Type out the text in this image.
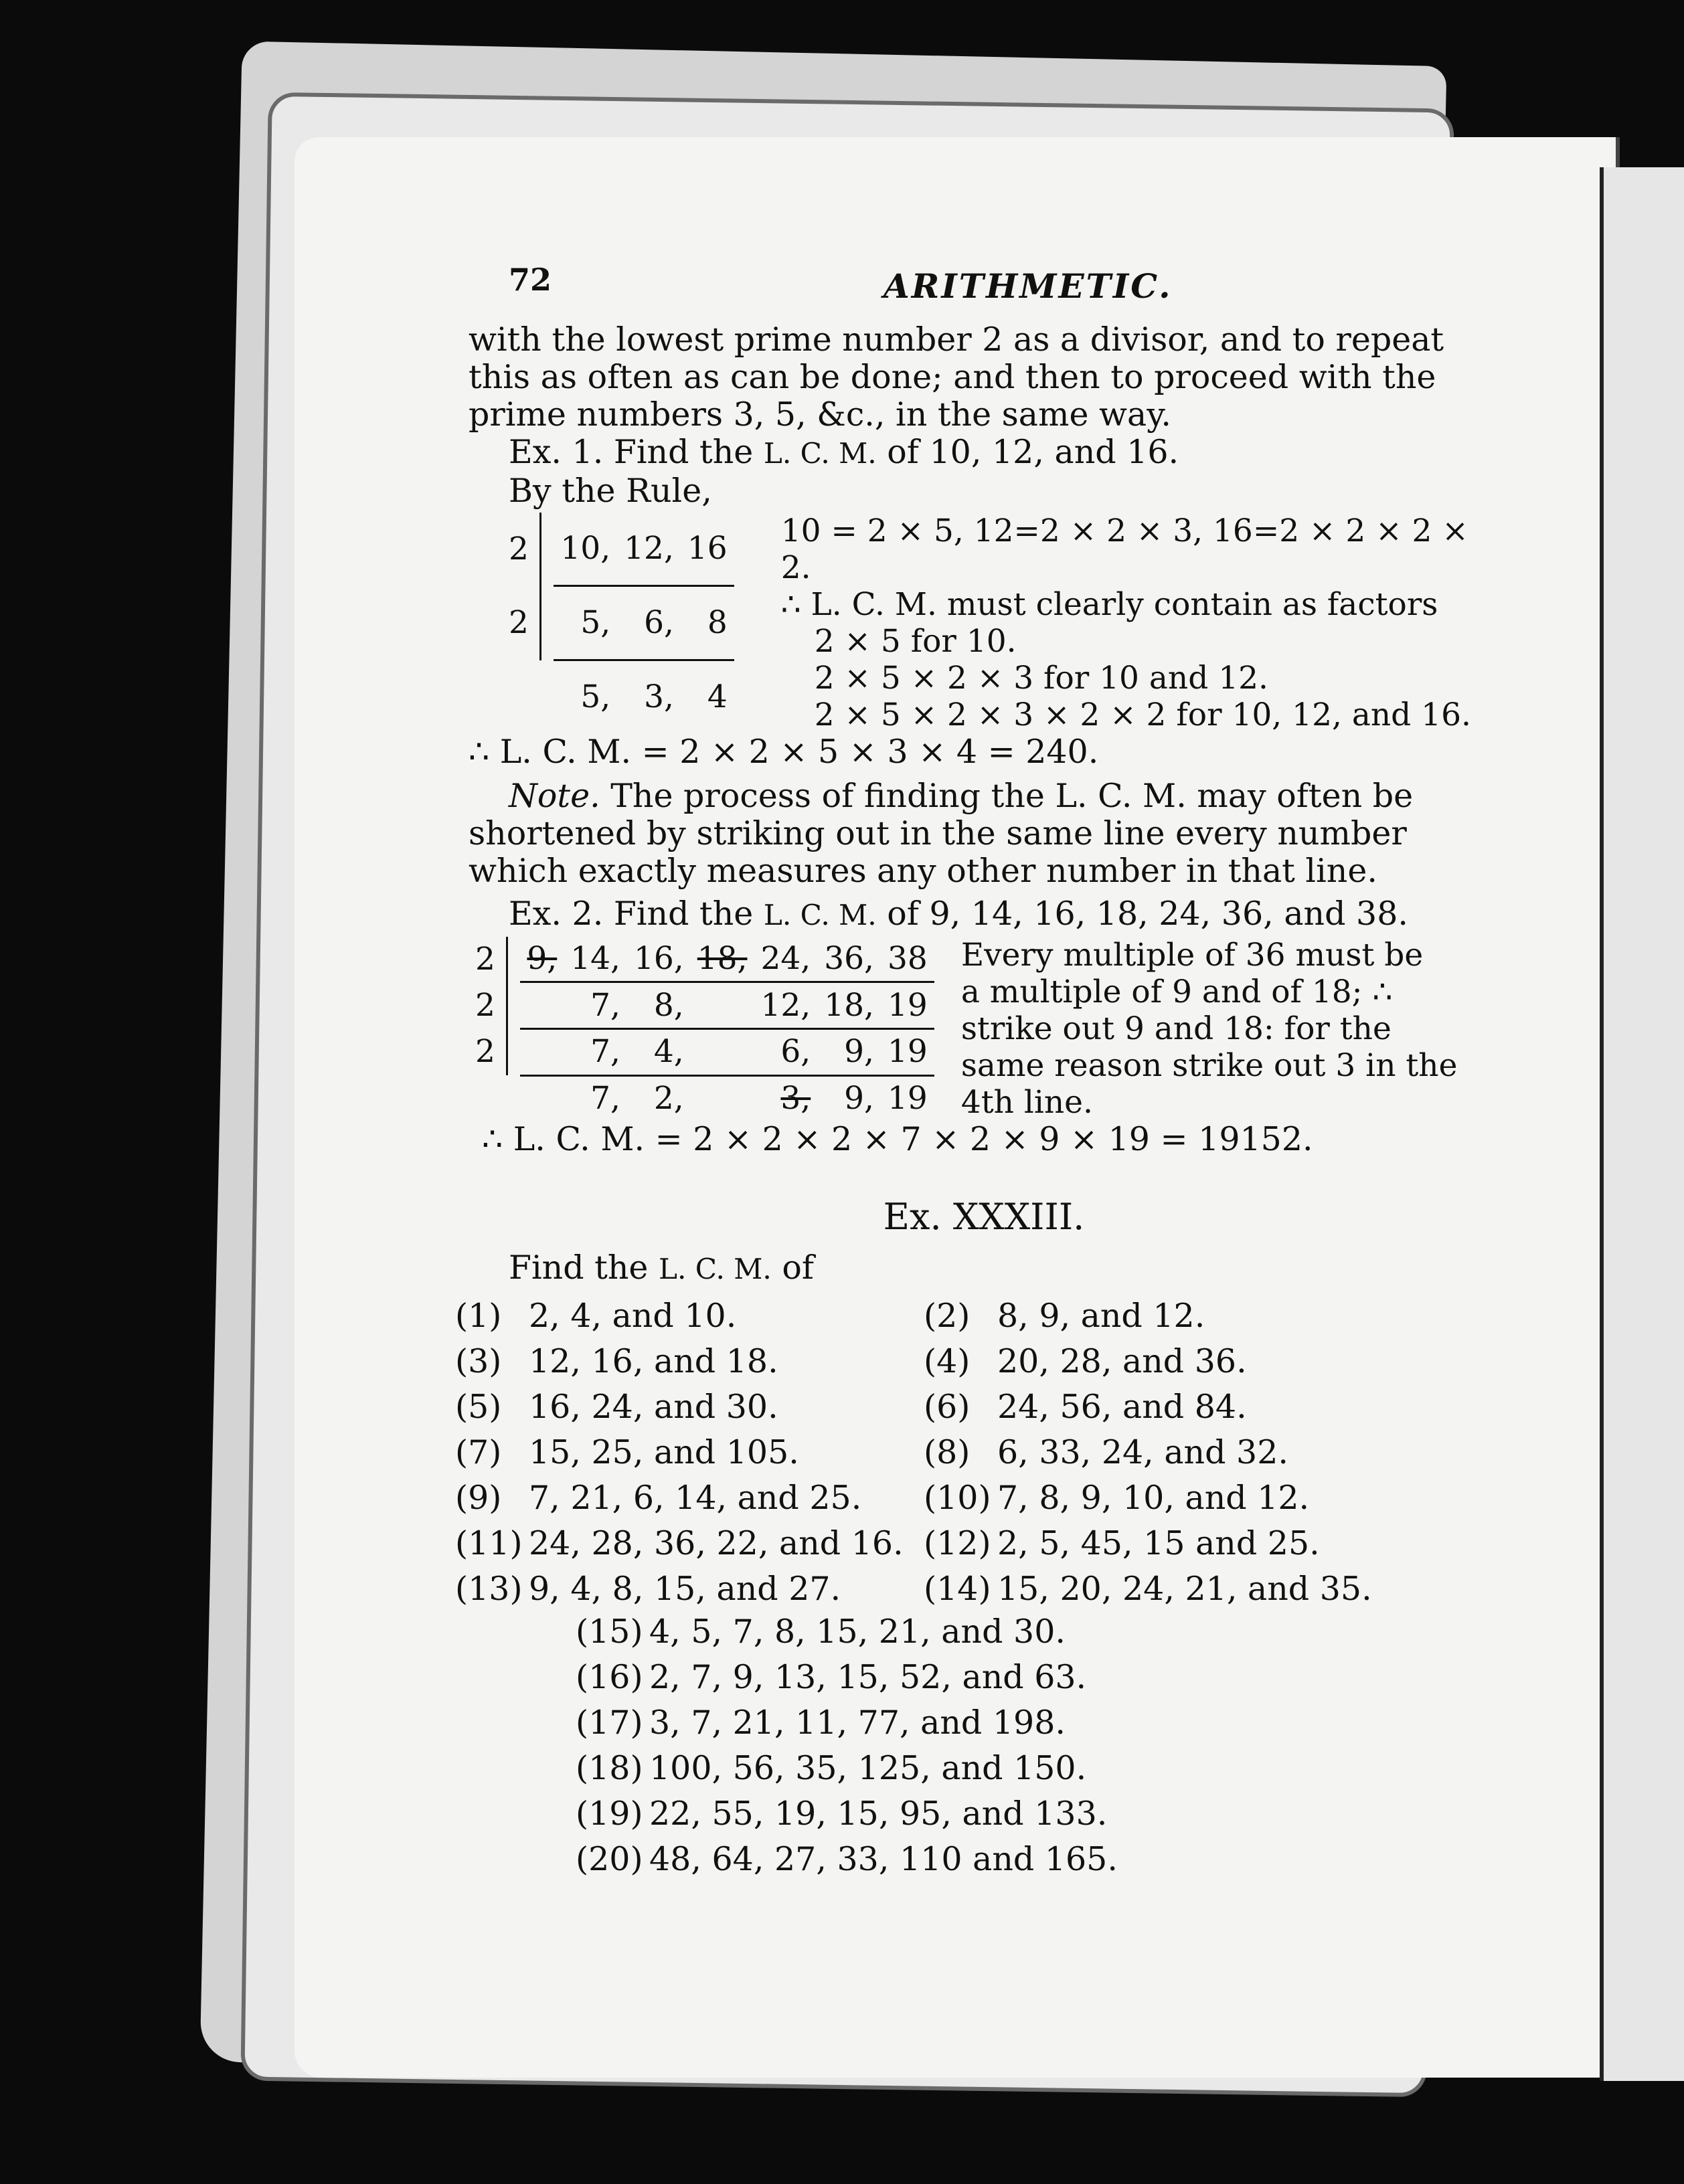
72	ARITHMETIC.

with the lowest prime number 2 as a divisor, and to repeat

this as often as can be done; and then to proceed with the

prime numbers 3, 5, &c., in the same way.

Ex. 1. Find the L. C. M. of 10, 12, and 16.

By the Rule,

2		10,	12,	16
2		5,	6,	8
		5,	3,	4

10 = 2 × 5, 12=2 × 2 × 3, 16=2 × 2 × 2 × 2.

∴ L. C. M. must clearly contain as factors

2 × 5 for 10.

2 × 5 × 2 × 3 for 10 and 12.

2 × 5 × 2 × 3 × 2 × 2 for 10, 12, and 16.

∴ L. C. M. = 2 × 2 × 5 × 3 × 4 = 240.

Note. The process of finding the L. C. M. may often be

shortened by striking out in the same line every number

which exactly measures any other number in that line.

Ex. 2. Find the L. C. M. of 9, 14, 16, 18, 24, 36, and 38.

2		9,	14,	16,	18,	24,	36,	38
2			7,	8,		12,	18,	19
2			7,	4,		6,	9,	19
			7,	2,		3,	9,	19

Every multiple of 36 must be

a multiple of 9 and of 18; ∴

strike out 9 and 18: for the

same reason strike out 3 in the

4th line.

∴ L. C. M. = 2 × 2 × 2 × 7 × 2 × 9 × 19 = 19152.

Ex. XXXIII.

Find the L. C. M. of

(1) 2, 4, and 10.	(2) 8, 9, and 12.
(3) 12, 16, and 18.	(4) 20, 28, and 36.
(5) 16, 24, and 30.	(6) 24, 56, and 84.
(7) 15, 25, and 105.	(8) 6, 33, 24, and 32.
(9) 7, 21, 6, 14, and 25. (10) 7, 8, 9, 10, and 12.
(11) 24, 28, 36, 22, and 16. (12) 2, 5, 45, 15 and 25.
(13) 9, 4, 8, 15, and 27.	(14) 15, 20, 24, 21, and 35.
(15) 4, 5, 7, 8, 15, 21, and 30.
(16) 2, 7, 9, 13, 15, 52, and 63.
(17) 3, 7, 21, 11, 77, and 198.
(18) 100, 56, 35, 125, and 150.
(19) 22, 55, 19, 15, 95, and 133.
(20) 48, 64, 27, 33, 110 and 165.
